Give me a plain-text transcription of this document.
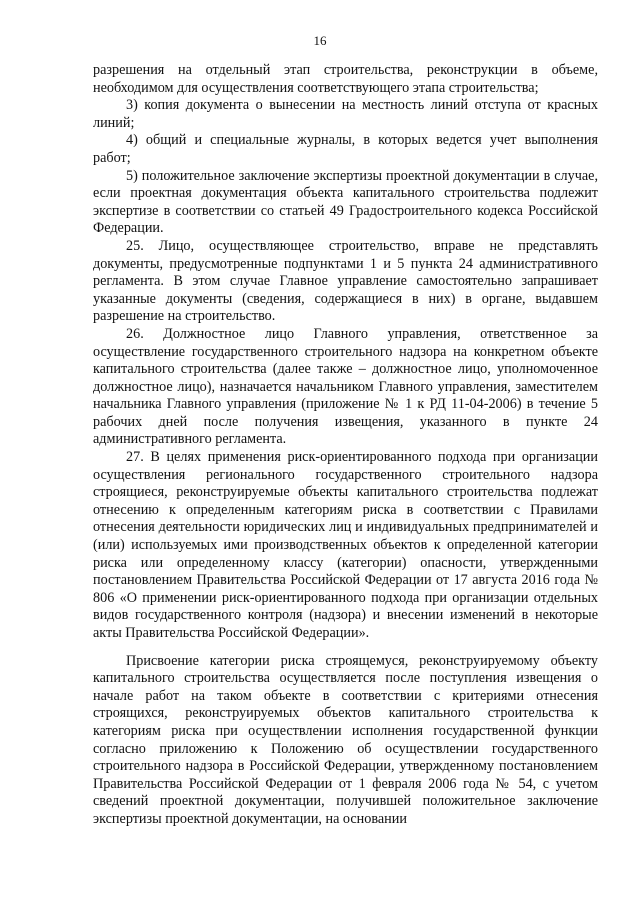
16

разрешения на отдельный этап строительства, реконструкции в объеме, необходимом для осуществления соответствующего этапа строительства;

3) копия документа о вынесении на местность линий отступа от красных линий;

4) общий и специальные журналы, в которых ведется учет выполнения работ;

5) положительное заключение экспертизы проектной документации в случае, если проектная документация объекта капитального строительства подлежит экспертизе в соответствии со статьей 49 Градостроительного кодекса Российской Федерации.

25. Лицо, осуществляющее строительство, вправе не представлять документы, предусмотренные подпунктами 1 и 5 пункта 24 административного регламента. В этом случае Главное управление самостоятельно запрашивает указанные документы (сведения, содержащиеся в них) в органе, выдавшем разрешение на строительство.

26. Должностное лицо Главного управления, ответственное за осуществление государственного строительного надзора на конкретном объекте капитального строительства (далее также – должностное лицо, уполномоченное должностное лицо), назначается начальником Главного управления, заместителем начальника Главного управления (приложение № 1 к РД 11-04-2006) в течение 5 рабочих дней после получения извещения, указанного в пункте 24 административного регламента.

27. В целях применения риск-ориентированного подхода при организации осуществления регионального государственного строительного надзора строящиеся, реконструируемые объекты капитального строительства подлежат отнесению к определенным категориям риска в соответствии с Правилами отнесения деятельности юридических лиц и индивидуальных предпринимателей и (или) используемых ими производственных объектов к определенной категории риска или определенному классу (категории) опасности, утвержденными постановлением Правительства Российской Федерации от 17 августа 2016 года № 806 «О применении риск-ориентированного подхода при организации отдельных видов государственного контроля (надзора) и внесении изменений в некоторые акты Правительства Российской Федерации».

Присвоение категории риска строящемуся, реконструируемому объекту капитального строительства осуществляется после поступления извещения о начале работ на таком объекте в соответствии с критериями отнесения строящихся, реконструируемых объектов капитального строительства к категориям риска при осуществлении исполнения государственной функции согласно приложению к Положению об осуществлении государственного строительного надзора в Российской Федерации, утвержденному постановлением Правительства Российской Федерации от 1 февраля 2006 года № 54, с учетом сведений проектной документации, получившей положительное заключение экспертизы проектной документации, на основании
